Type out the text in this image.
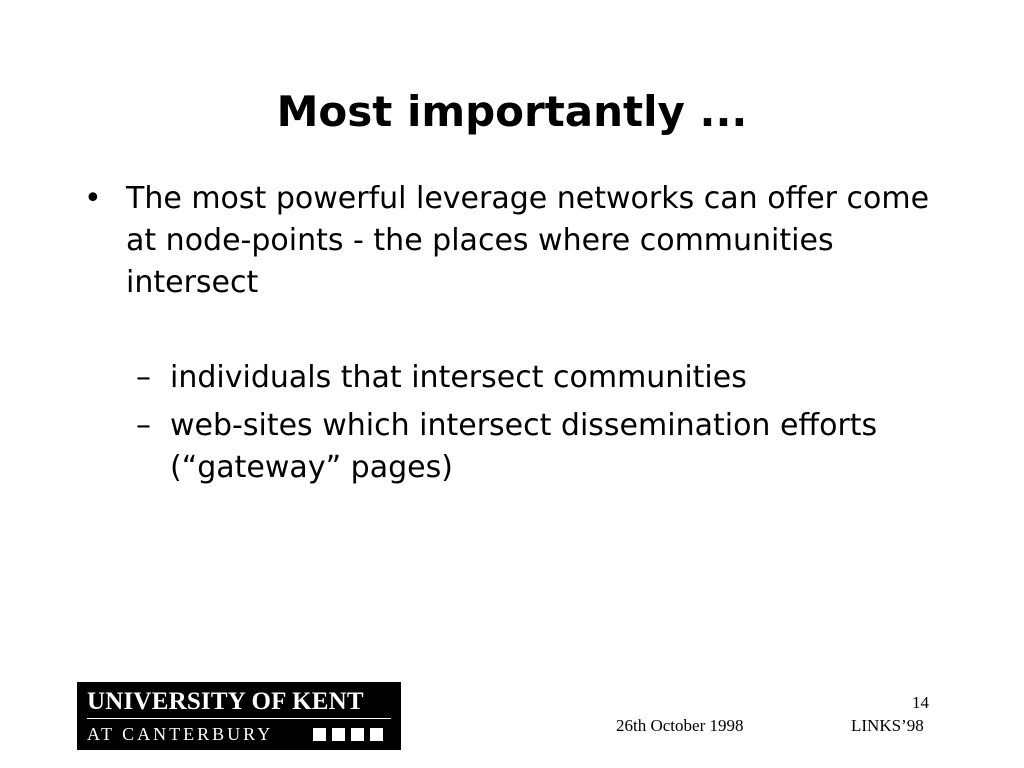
Most importantly ...
• The most powerful leverage networks can offer come at node-points - the places where communities intersect
– individuals that intersect communities
– web-sites which intersect dissemination efforts (“gateway” pages)
UNIVERSITY OF KENT
AT CANTERBURY
14
26th October 1998	LINKS’98
